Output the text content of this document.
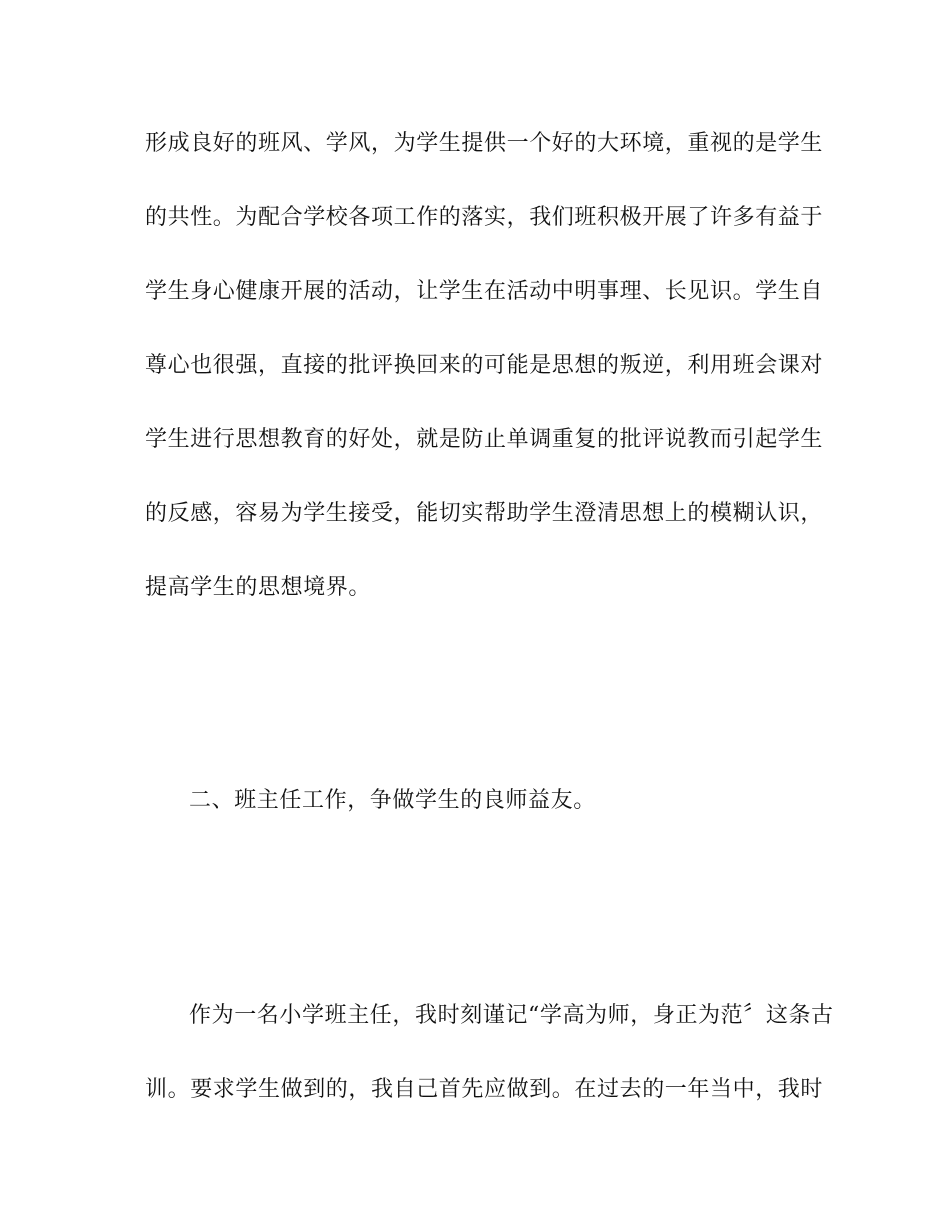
形成良好的班风、学风，为学生提供一个好的大环境，重视的是学生
的共性。为配合学校各项工作的落实，我们班积极开展了许多有益于
学生身心健康开展的活动，让学生在活动中明事理、长见识。学生自
尊心也很强，直接的批评换回来的可能是思想的叛逆，利用班会课对
学生进行思想教育的好处，就是防止单调重复的批评说教而引起学生
的反感，容易为学生接受，能切实帮助学生澄清思想上的模糊认识，
提高学生的思想境界。
二、班主任工作，争做学生的良师益友。
作为一名小学班主任，我时刻谨记“学高为师，身正为范〞这条古
训。要求学生做到的，我自己首先应做到。在过去的一年当中，我时
